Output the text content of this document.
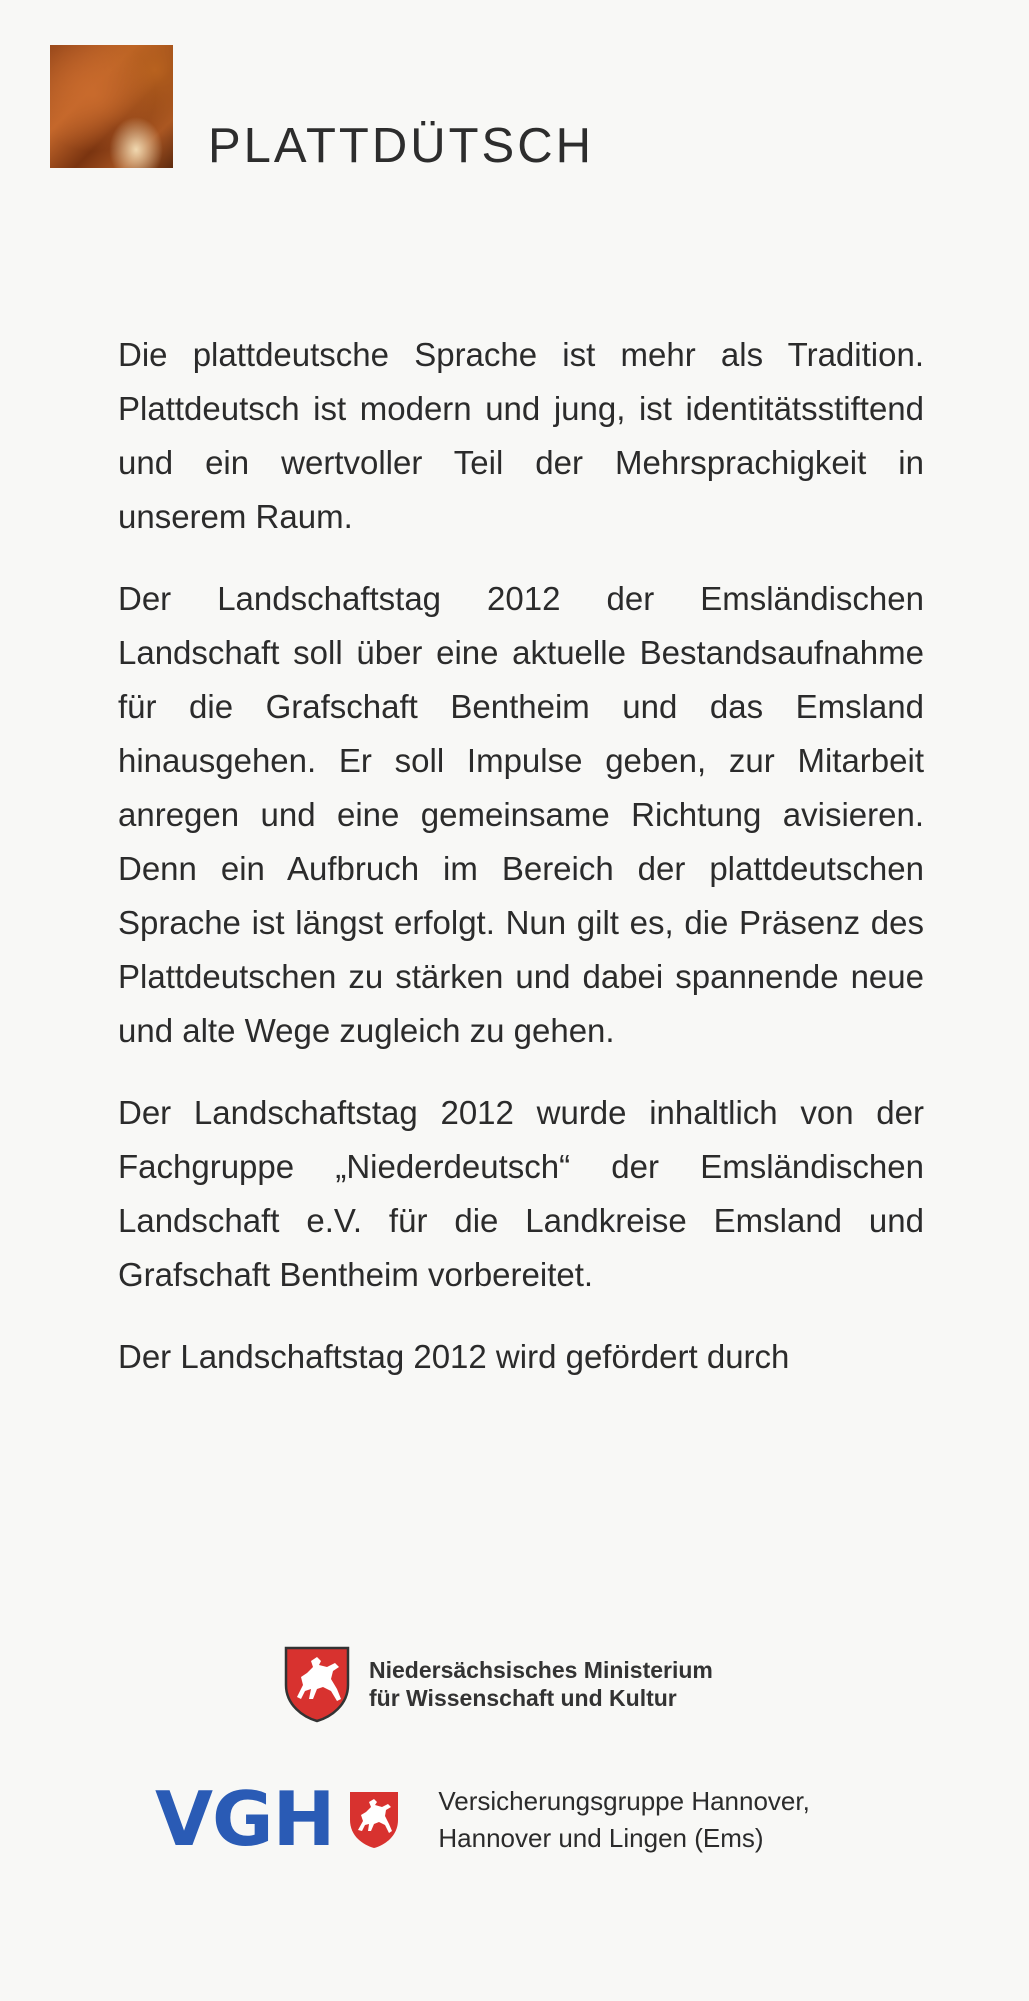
PLATTDÜTSCH

Die plattdeutsche Sprache ist mehr als Tradition. Plattdeutsch ist modern und jung, ist identitätsstiftend und ein wertvoller Teil der Mehrsprachigkeit in unserem Raum.

Der Landschaftstag 2012 der Emsländischen Landschaft soll über eine aktuelle Bestandsaufnahme für die Grafschaft Bentheim und das Emsland hinausgehen. Er soll Impulse geben, zur Mitarbeit anregen und eine gemeinsame Richtung avisieren. Denn ein Aufbruch im Bereich der plattdeutschen Sprache ist längst erfolgt. Nun gilt es, die Präsenz des Plattdeutschen zu stärken und dabei spannende neue und alte Wege zugleich zu gehen.

Der Landschaftstag 2012 wurde inhaltlich von der Fachgruppe „Niederdeutsch“ der Emsländischen Landschaft e.V. für die Landkreise Emsland und Grafschaft Bentheim vorbereitet.

Der Landschaftstag 2012 wird gefördert durch

Niedersächsisches Ministerium
für Wissenschaft und Kultur
VGH	Versicherungsgruppe Hannover,
Hannover und Lingen (Ems)
